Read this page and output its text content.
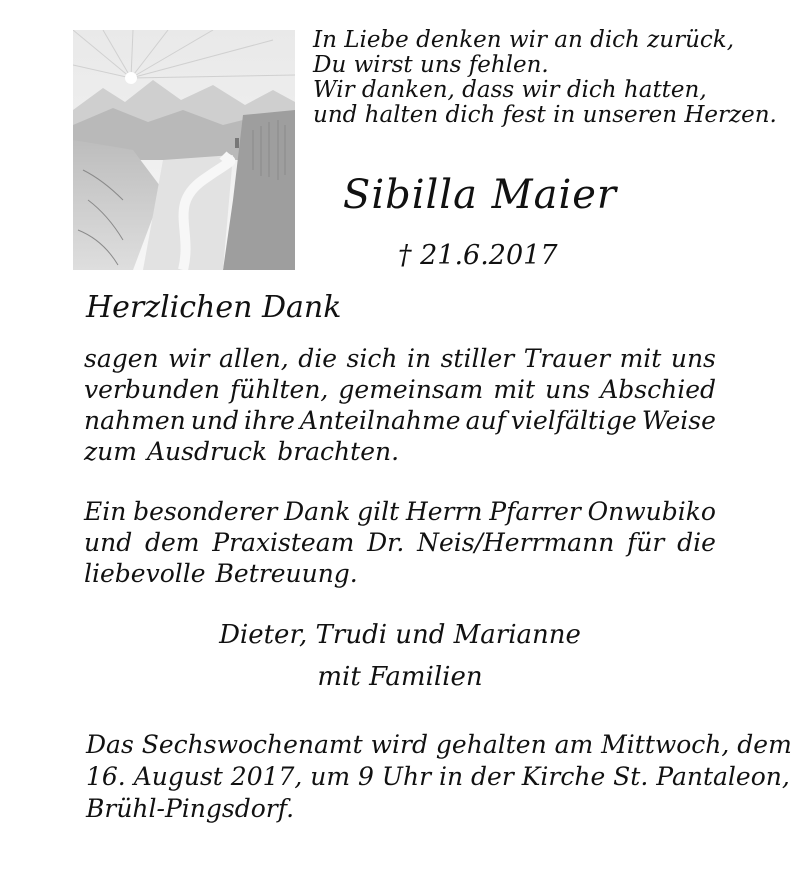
In Liebe denken wir an dich zurück,
Du wirst uns fehlen.
Wir danken, dass wir dich hatten,
und halten dich fest in unseren Herzen.
Sibilla Maier
† 21.6.2017
Herzlichen Dank
sagen wir allen, die sich in stiller Trauer mit uns
verbunden fühlten, gemeinsam mit uns Abschied
nahmen und ihre Anteilnahme auf vielfältige Weise
zum Ausdruck brachten.
Ein besonderer Dank gilt Herrn Pfarrer Onwubiko
und dem Praxisteam Dr. Neis/Herrmann für die
liebevolle Betreuung.
Dieter, Trudi und Marianne
mit Familien
Das Sechswochenamt wird gehalten am Mittwoch, dem
16. August 2017, um 9 Uhr in der Kirche St. Pantaleon,
Brühl-Pingsdorf.
